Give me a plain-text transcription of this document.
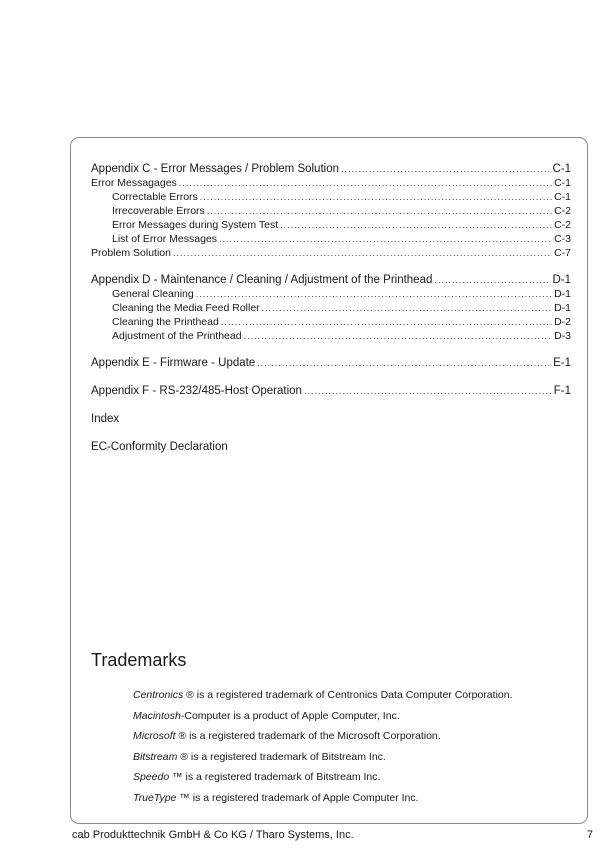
Appendix C - Error Messages / Problem Solution .....	C-1
Error Messagages .....	C-1
Correctable Errors .....	C-1
Irrecoverable Errors .....	C-2
Error Messages during System Test .....	C-2
List of Error Messages .....	C-3
Problem Solution .....	C-7
Appendix D - Maintenance / Cleaning / Adjustment of the Printhead .....	D-1
General Cleaning .....	D-1
Cleaning the Media Feed Roller .....	D-1
Cleaning the Printhead .....	D-2
Adjustment of the Printhead .....	D-3
Appendix E - Firmware - Update .....	E-1
Appendix F - RS-232/485-Host Operation .....	F-1
Index
EC-Conformity Declaration
Trademarks
Centronics ® is a registered trademark of Centronics Data Computer Corporation.
Macintosh-Computer is a product of Apple Computer, Inc.
Microsoft ® is a registered trademark of the Microsoft Corporation.
Bitstream ® is a registered trademark of Bitstream Inc.
Speedo ™ is a registered trademark of Bitstream Inc.
TrueType ™ is a registered trademark of Apple Computer Inc.
cab Produkttechnik GmbH & Co KG / Tharo Systems, Inc.	7
